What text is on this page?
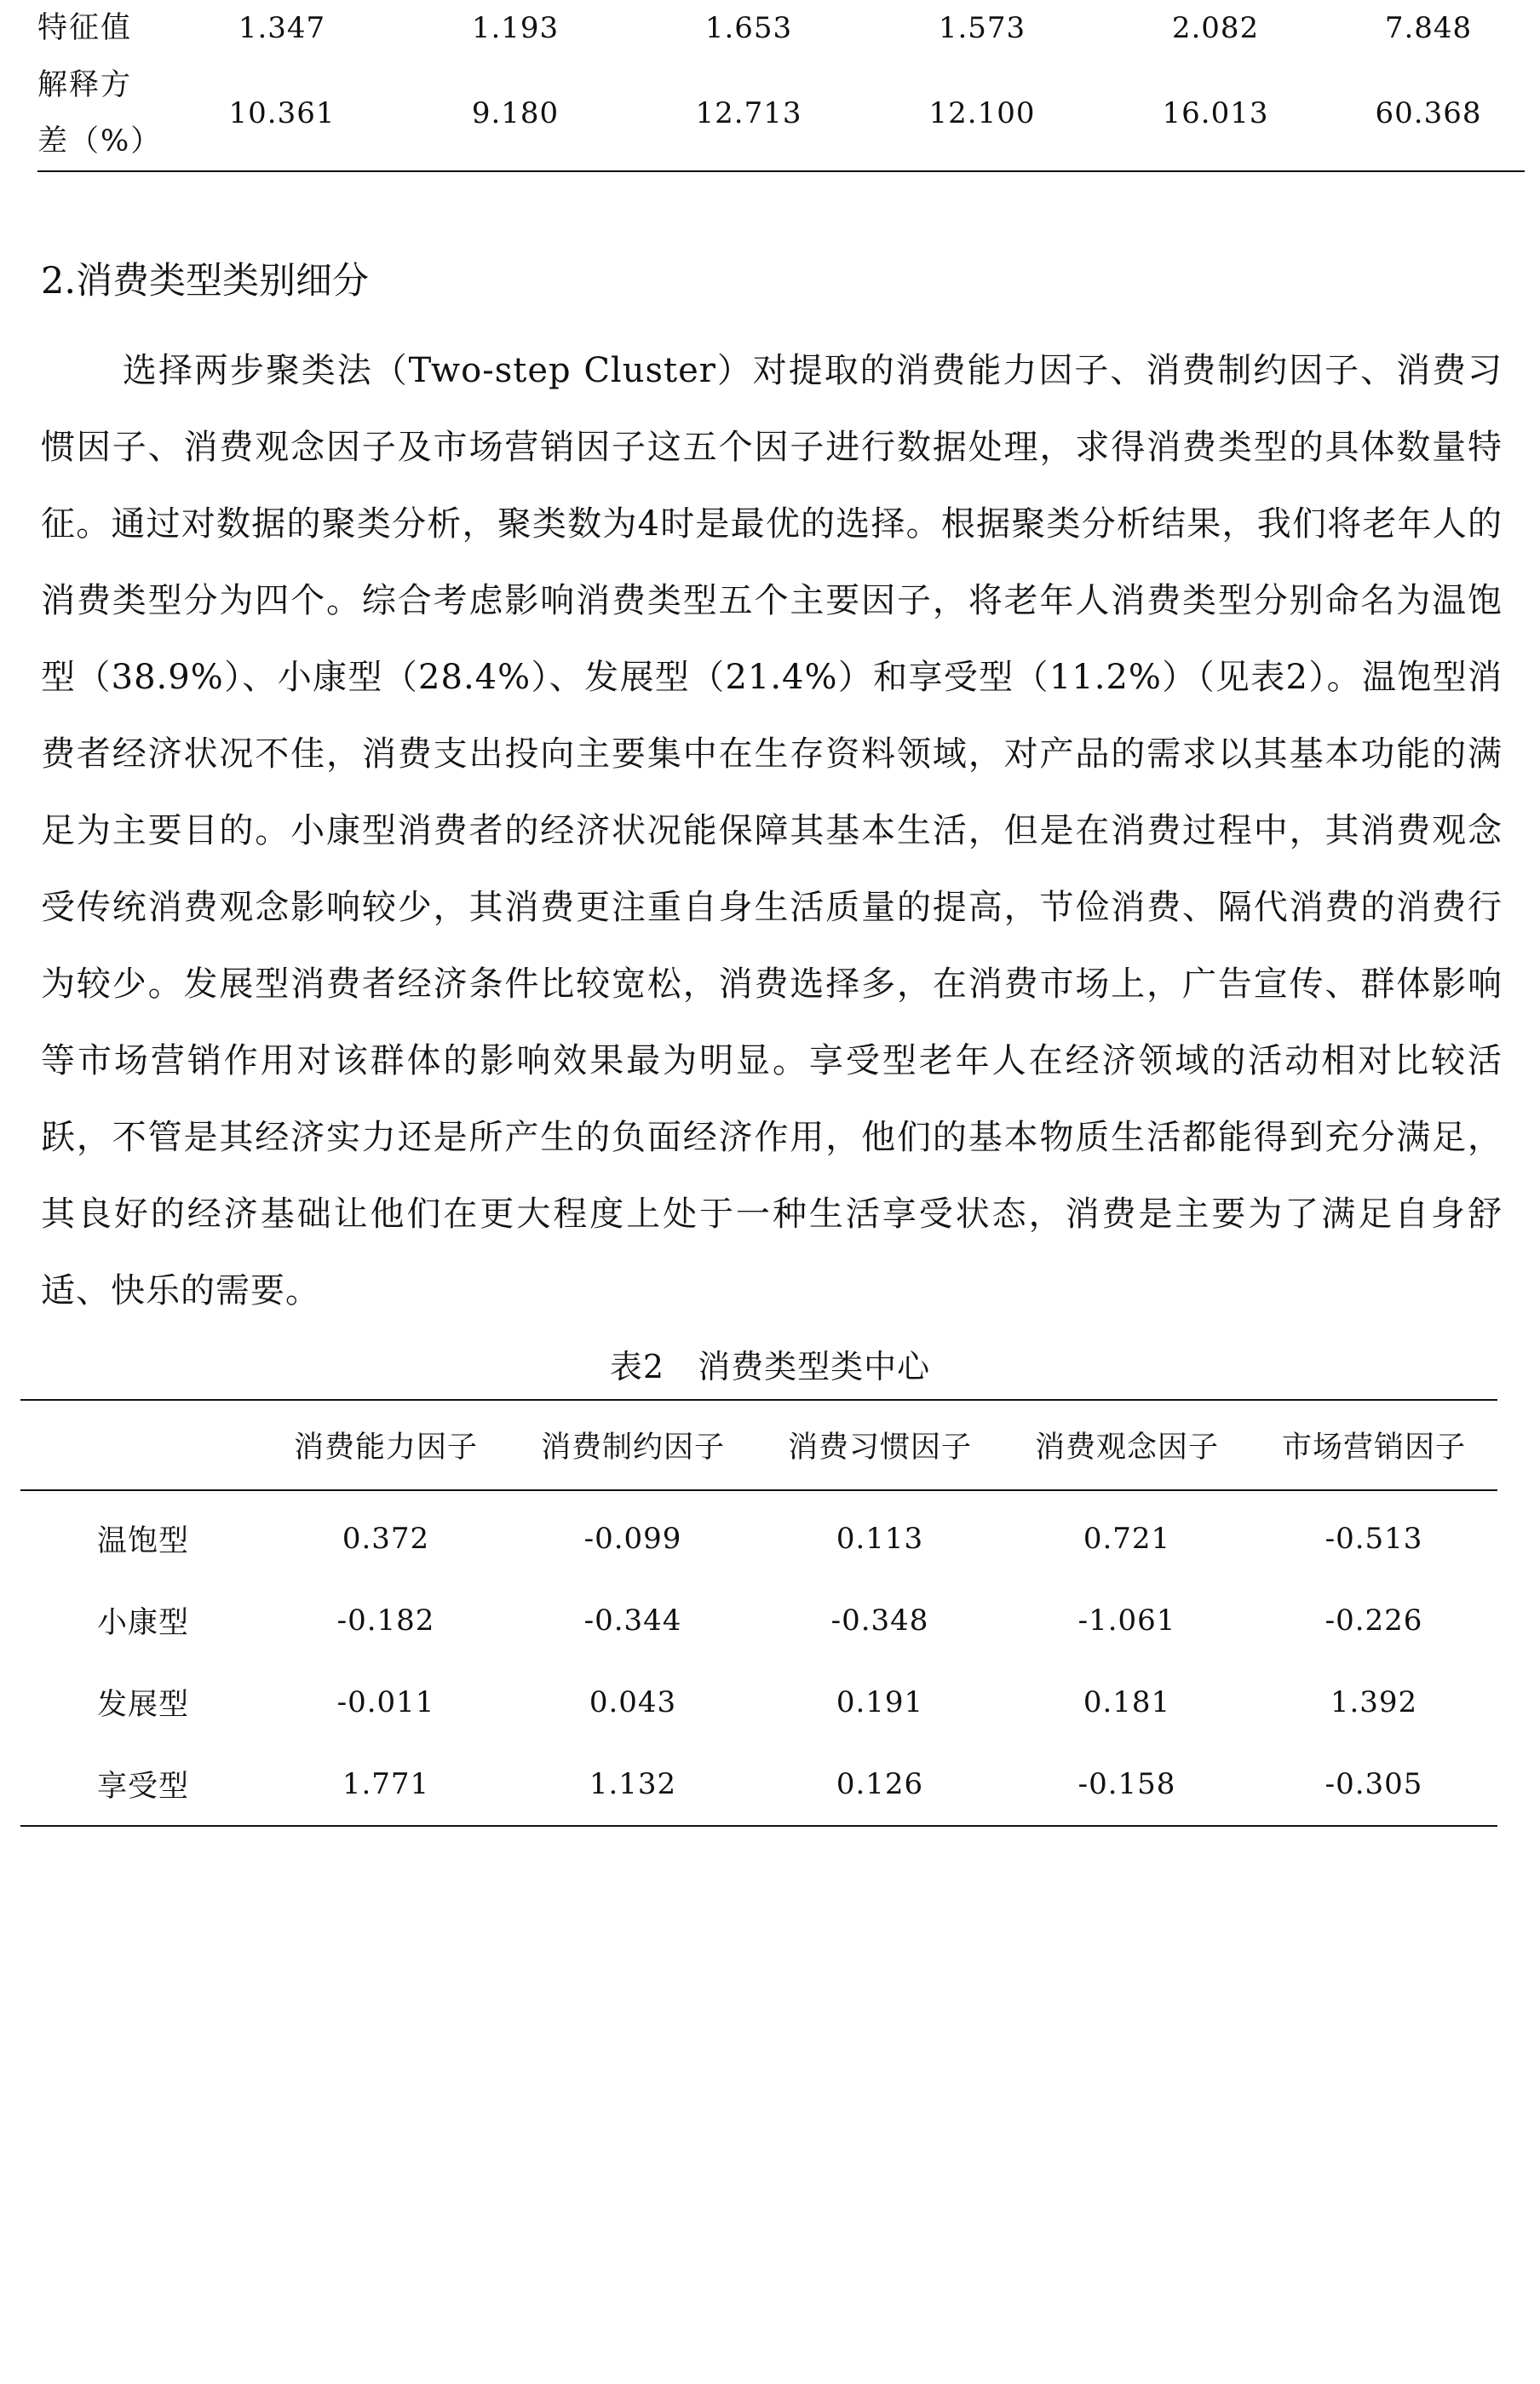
特征值	1.347	1.193	1.653	1.573	2.082	7.848
解释方
差（%）	10.361	9.180	12.713	12.100	16.013	60.368
2.消费类型类别细分

选择两步聚类法（Two-step Cluster）对提取的消费能力因子、消费制约因子、消费习惯因子、消费观念因子及市场营销因子这五个因子进行数据处理，求得消费类型的具体数量特征。通过对数据的聚类分析，聚类数为4时是最优的选择。根据聚类分析结果，我们将老年人的消费类型分为四个。综合考虑影响消费类型五个主要因子，将老年人消费类型分别命名为温饱型（38.9%）、小康型（28.4%）、发展型（21.4%）和享受型（11.2%）（见表2）。温饱型消费者经济状况不佳，消费支出投向主要集中在生存资料领域，对产品的需求以其基本功能的满足为主要目的。小康型消费者的经济状况能保障其基本生活，但是在消费过程中，其消费观念受传统消费观念影响较少，其消费更注重自身生活质量的提高，节俭消费、隔代消费的消费行为较少。发展型消费者经济条件比较宽松，消费选择多，在消费市场上，广告宣传、群体影响等市场营销作用对该群体的影响效果最为明显。享受型老年人在经济领域的活动相对比较活跃，不管是其经济实力还是所产生的负面经济作用，他们的基本物质生活都能得到充分满足，其良好的经济基础让他们在更大程度上处于一种生活享受状态，消费是主要为了满足自身舒适、快乐的需要。

表2　消费类型类中心
	消费能力因子	消费制约因子	消费习惯因子	消费观念因子	市场营销因子
温饱型	0.372	-0.099	0.113	0.721	-0.513
小康型	-0.182	-0.344	-0.348	-1.061	-0.226
发展型	-0.011	0.043	0.191	0.181	1.392
享受型	1.771	1.132	0.126	-0.158	-0.305
